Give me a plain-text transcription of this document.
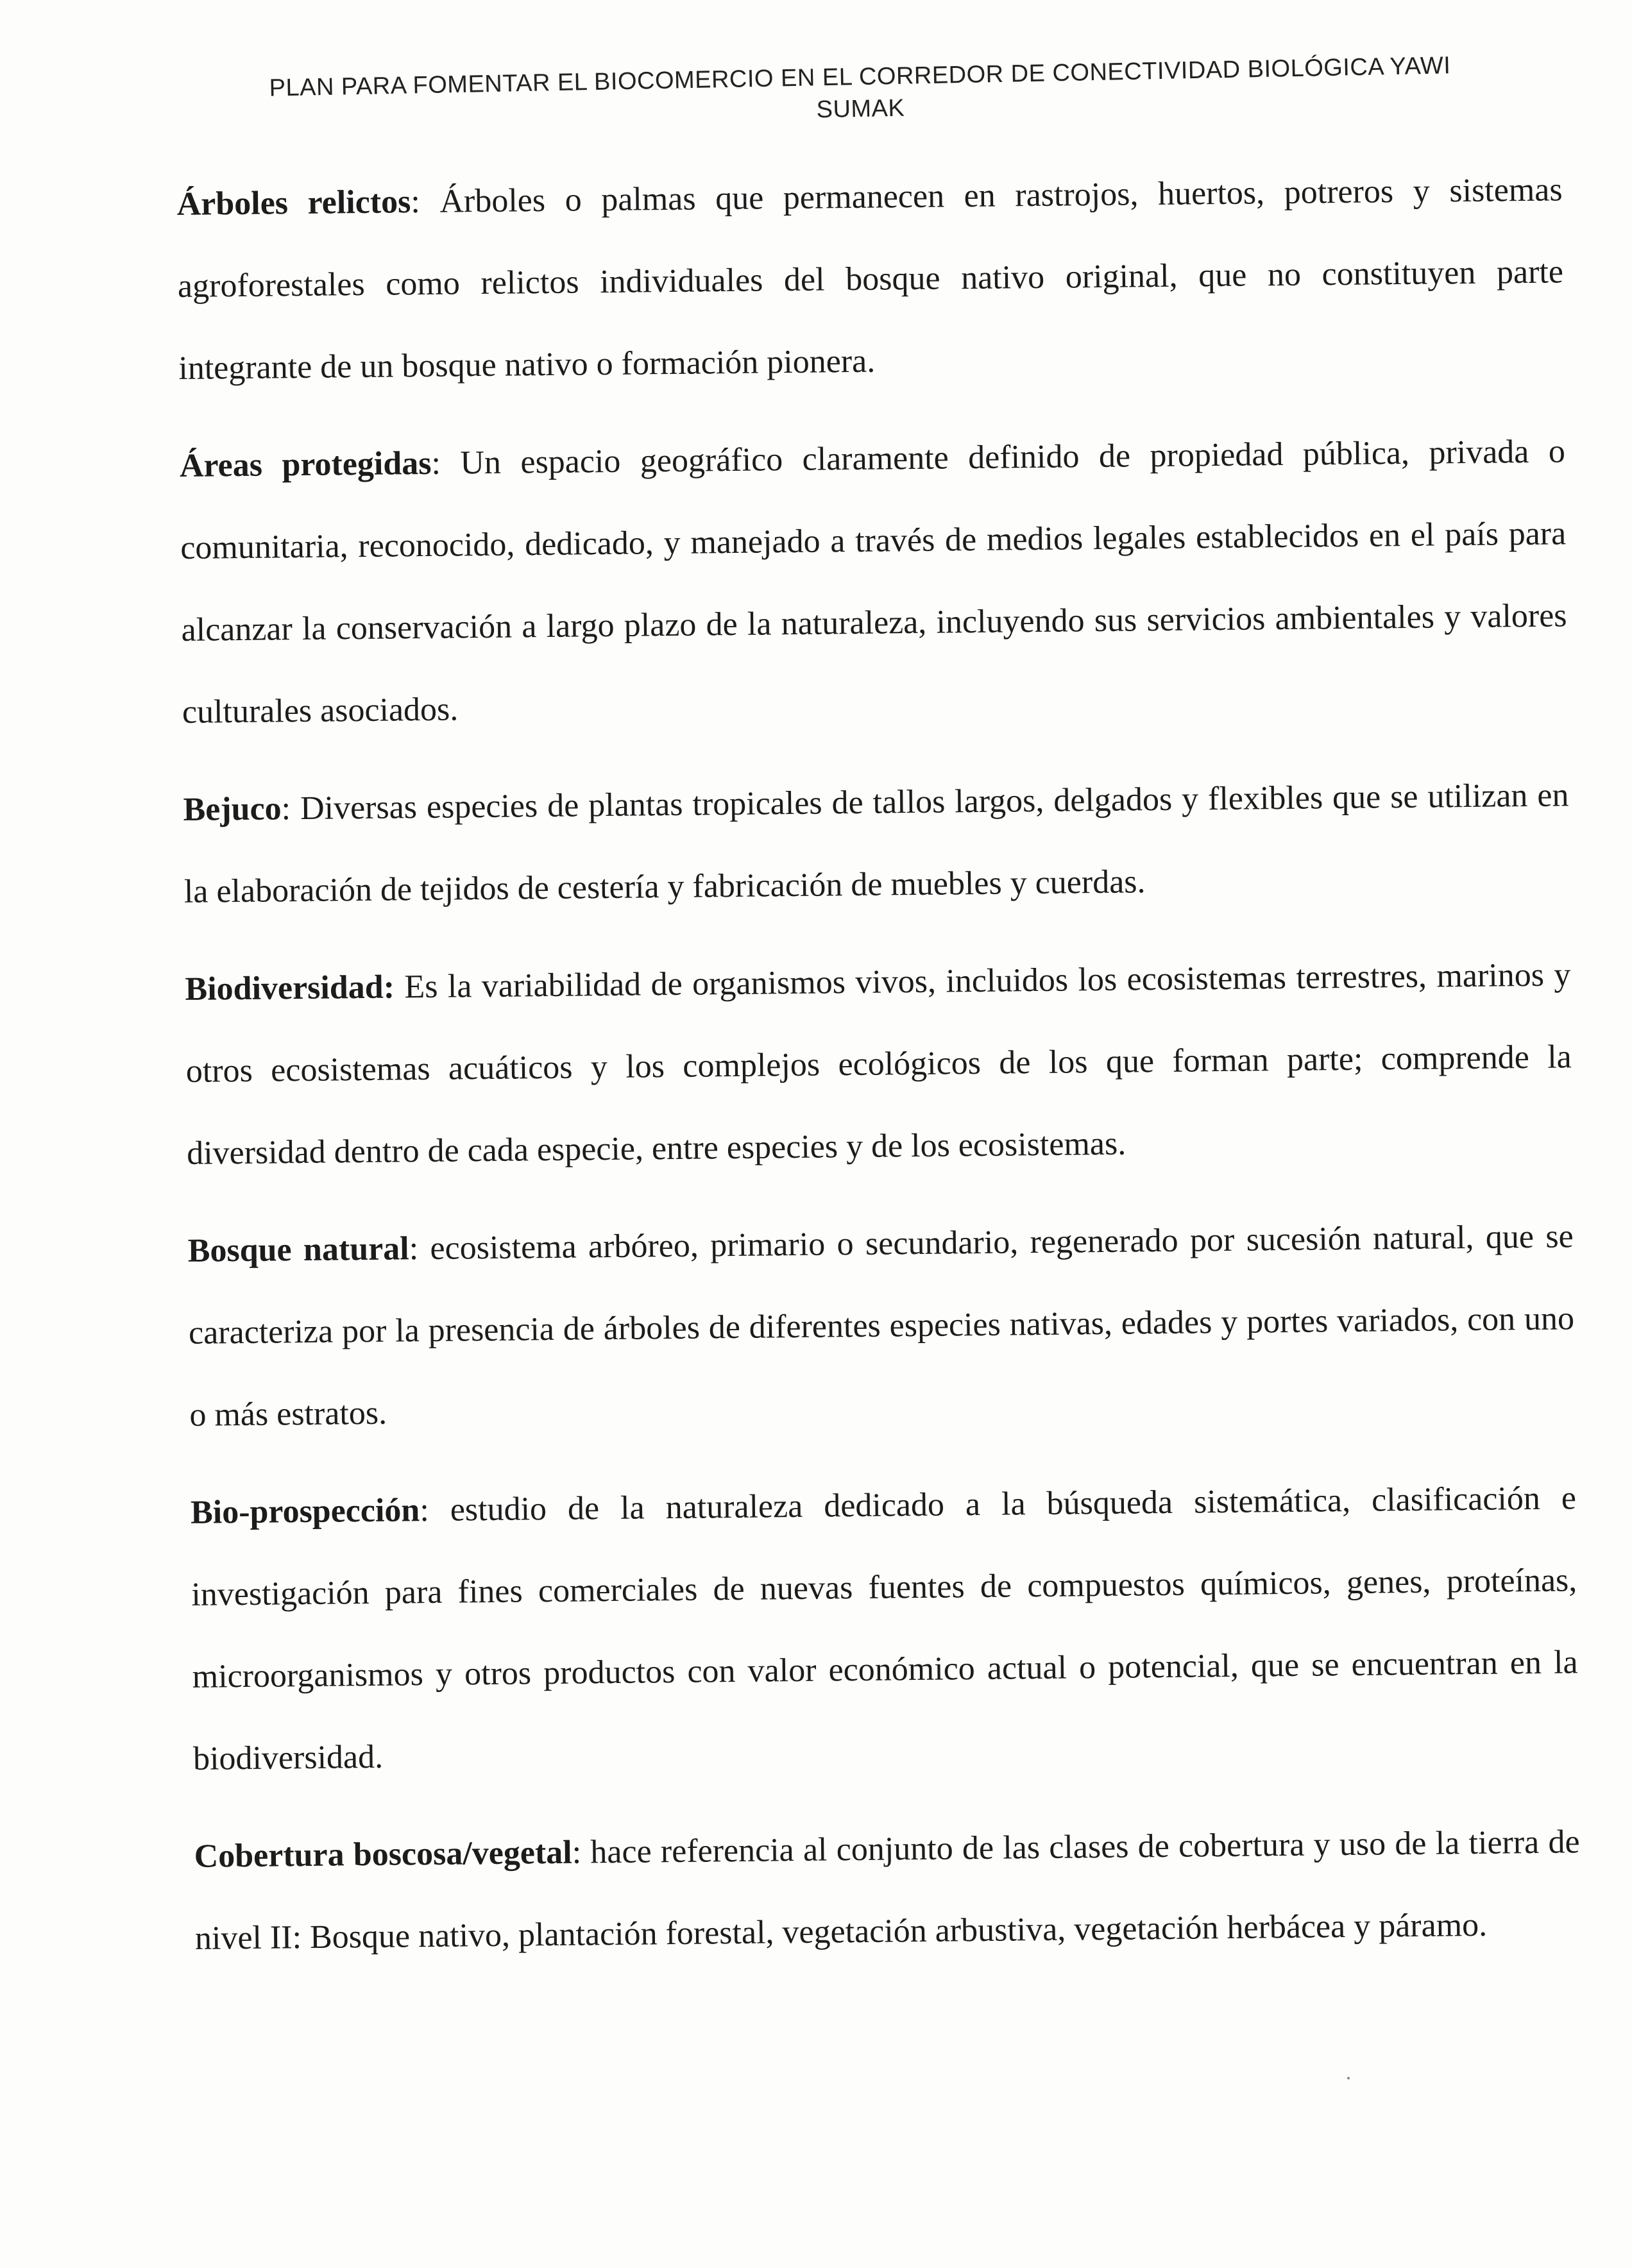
PLAN PARA FOMENTAR EL BIOCOMERCIO EN EL CORREDOR DE CONECTIVIDAD BIOLÓGICA YAWI
SUMAK

Árboles relictos: Árboles o palmas que permanecen en rastrojos, huertos, potreros y sistemas agroforestales como relictos individuales del bosque nativo original, que no constituyen parte integrante de un bosque nativo o formación pionera.

Áreas protegidas: Un espacio geográfico claramente definido de propiedad pública, privada o comunitaria, reconocido, dedicado, y manejado a través de medios legales establecidos en el país para alcanzar la conservación a largo plazo de la naturaleza, incluyendo sus servicios ambientales y valores culturales asociados.

Bejuco: Diversas especies de plantas tropicales de tallos largos, delgados y flexibles que se utilizan en la elaboración de tejidos de cestería y fabricación de muebles y cuerdas.

Biodiversidad: Es la variabilidad de organismos vivos, incluidos los ecosistemas terrestres, marinos y otros ecosistemas acuáticos y los complejos ecológicos de los que forman parte; comprende la diversidad dentro de cada especie, entre especies y de los ecosistemas.

Bosque natural: ecosistema arbóreo, primario o secundario, regenerado por sucesión natural, que se caracteriza por la presencia de árboles de diferentes especies nativas, edades y portes variados, con uno o más estratos.

Bio-prospección: estudio de la naturaleza dedicado a la búsqueda sistemática, clasificación e investigación para fines comerciales de nuevas fuentes de compuestos químicos, genes, proteínas, microorganismos y otros productos con valor económico actual o potencial, que se encuentran en la biodiversidad.

Cobertura boscosa/vegetal: hace referencia al conjunto de las clases de cobertura y uso de la tierra de nivel II: Bosque nativo, plantación forestal, vegetación arbustiva, vegetación herbácea y páramo.
